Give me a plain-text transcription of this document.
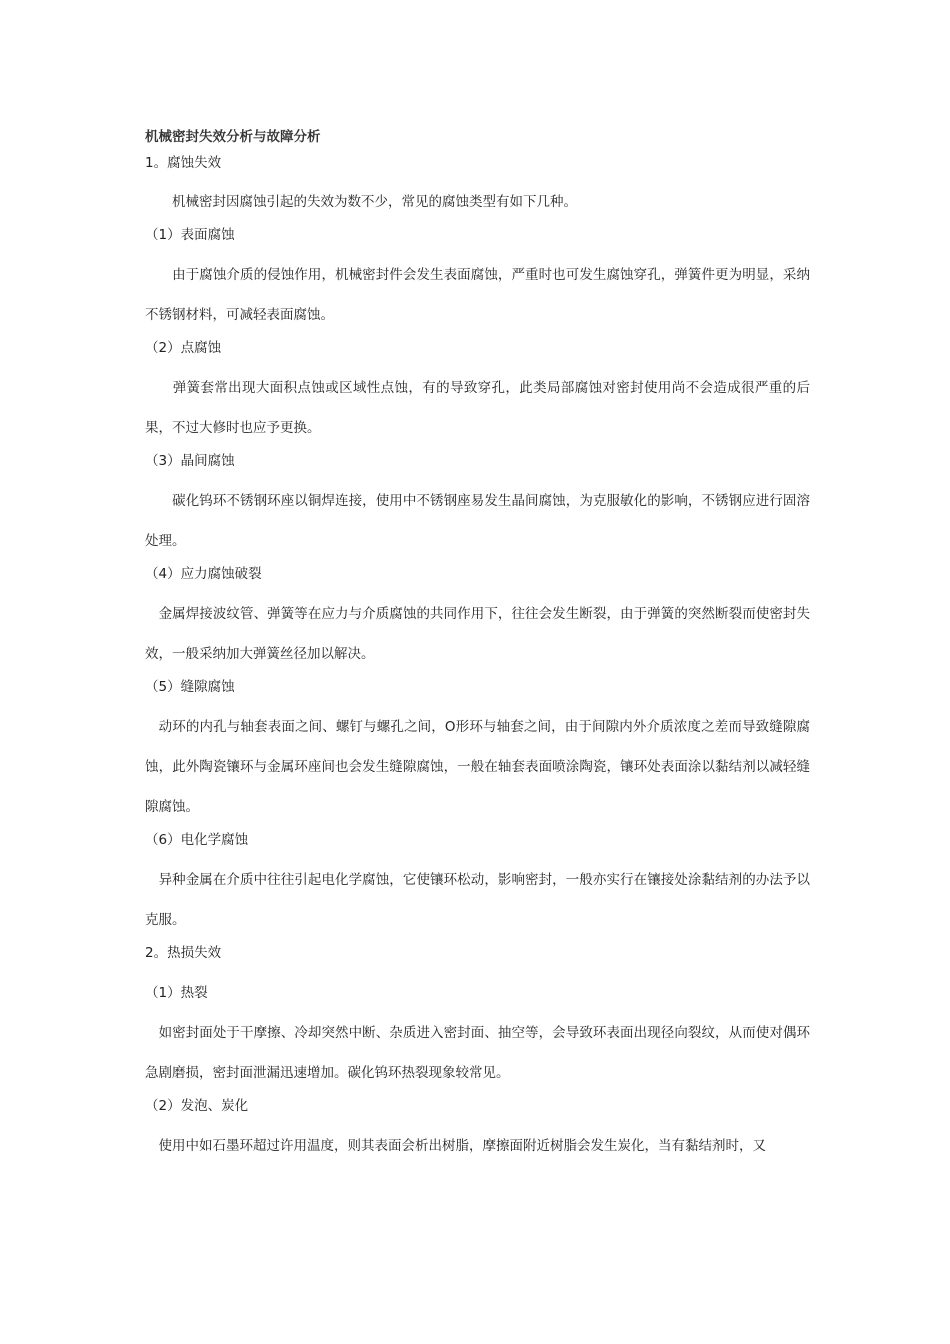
机械密封失效分析与故障分析

1。腐蚀失效

　　机械密封因腐蚀引起的失效为数不少，常见的腐蚀类型有如下几种。

（1）表面腐蚀

　　由于腐蚀介质的侵蚀作用，机械密封件会发生表面腐蚀，严重时也可发生腐蚀穿孔，弹簧件更为明显，采纳不锈钢材料，可减轻表面腐蚀。

（2）点腐蚀

　　弹簧套常出现大面积点蚀或区域性点蚀，有的导致穿孔，此类局部腐蚀对密封使用尚不会造成很严重的后果，不过大修时也应予更换。

（3）晶间腐蚀

　　碳化钨环不锈钢环座以铜焊连接，使用中不锈钢座易发生晶间腐蚀，为克服敏化的影响，不锈钢应进行固溶处理。

（4）应力腐蚀破裂

　金属焊接波纹管、弹簧等在应力与介质腐蚀的共同作用下，往往会发生断裂，由于弹簧的突然断裂而使密封失效，一般采纳加大弹簧丝径加以解决。

（5）缝隙腐蚀

　动环的内孔与轴套表面之间、螺钉与螺孔之间，O形环与轴套之间，由于间隙内外介质浓度之差而导致缝隙腐蚀，此外陶瓷镶环与金属环座间也会发生缝隙腐蚀，一般在轴套表面喷涂陶瓷，镶环处表面涂以黏结剂以减轻缝隙腐蚀。

（6）电化学腐蚀

　异种金属在介质中往往引起电化学腐蚀，它使镶环松动，影响密封，一般亦实行在镶接处涂黏结剂的办法予以克服。

2。热损失效

（1）热裂

　如密封面处于干摩擦、冷却突然中断、杂质进入密封面、抽空等，会导致环表面出现径向裂纹，从而使对偶环急剧磨损，密封面泄漏迅速增加。碳化钨环热裂现象较常见。

（2）发泡、炭化

　使用中如石墨环超过许用温度，则其表面会析出树脂，摩擦面附近树脂会发生炭化，当有黏结剂时，又
